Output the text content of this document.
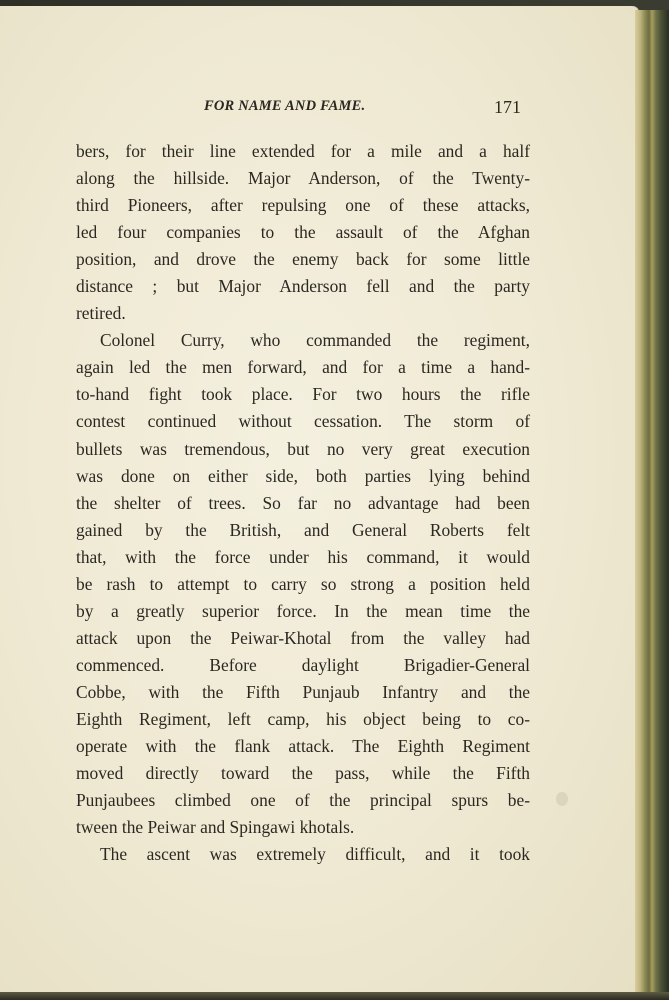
FOR NAME AND FAME.	171
bers, for their line extended for a mile and a half
along the hillside. Major Anderson, of the Twenty-
third Pioneers, after repulsing one of these attacks,
led four companies to the assault of the Afghan
position, and drove the enemy back for some little
distance ; but Major Anderson fell and the party
retired.
Colonel Curry, who commanded the regiment,
again led the men forward, and for a time a hand-
to-hand fight took place. For two hours the rifle
contest continued without cessation. The storm of
bullets was tremendous, but no very great execution
was done on either side, both parties lying behind
the shelter of trees. So far no advantage had been
gained by the British, and General Roberts felt
that, with the force under his command, it would
be rash to attempt to carry so strong a position held
by a greatly superior force. In the mean time the
attack upon the Peiwar-Khotal from the valley had
commenced. Before daylight Brigadier-General
Cobbe, with the Fifth Punjaub Infantry and the
Eighth Regiment, left camp, his object being to co-
operate with the flank attack. The Eighth Regiment
moved directly toward the pass, while the Fifth
Punjaubees climbed one of the principal spurs be-
tween the Peiwar and Spingawi khotals.
The ascent was extremely difficult, and it took
